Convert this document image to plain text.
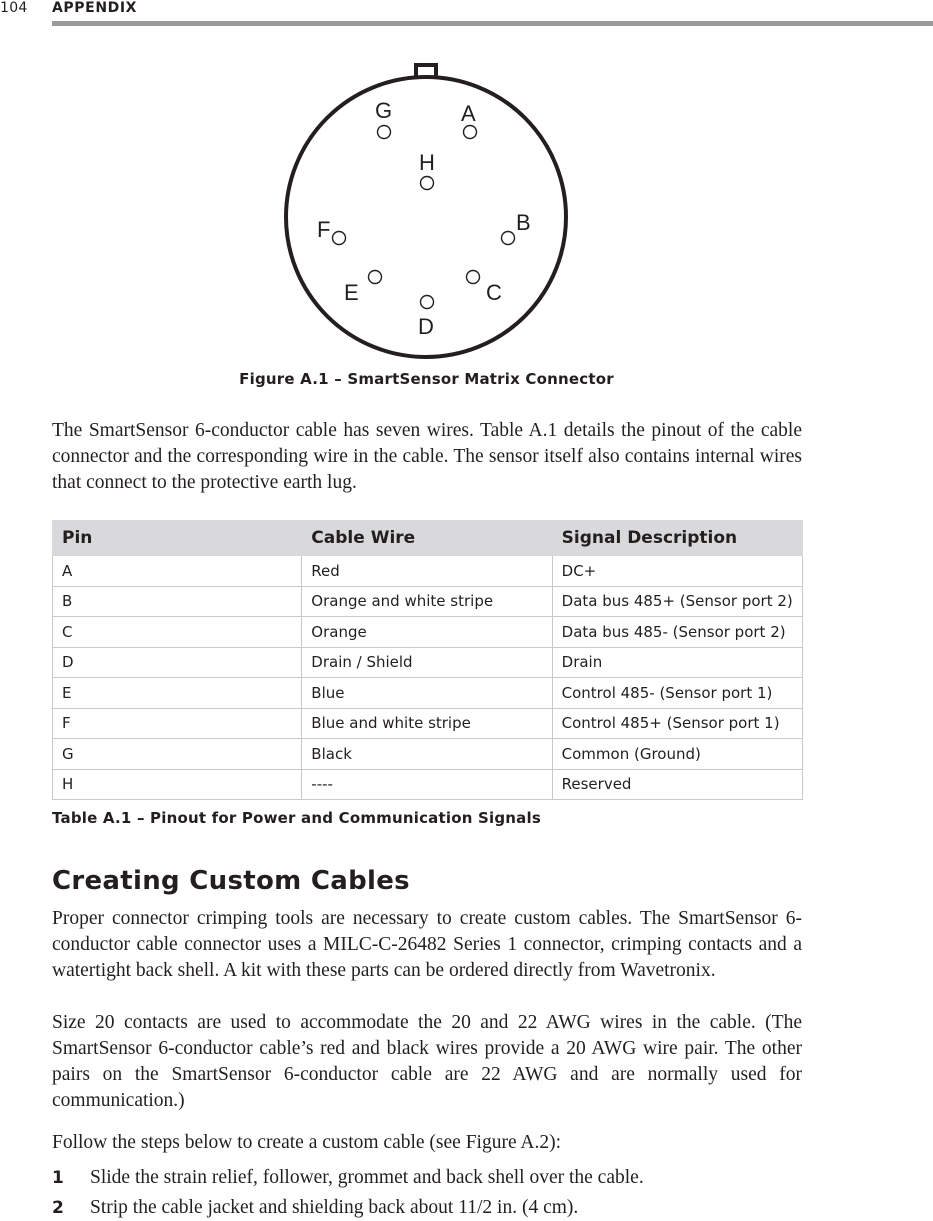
104 APPENDIX
G	A
H
F	B
E	C
D
Figure A.1 – SmartSensor Matrix Connector

The SmartSensor 6-conductor cable has seven wires. Table A.1 details the pinout of the cable connector and the corresponding wire in the cable. The sensor itself also contains internal wires that connect to the protective earth lug.

Pin	Cable Wire	Signal Description
A	Red	DC+
B	Orange and white stripe	Data bus 485+ (Sensor port 2)
C	Orange	Data bus 485- (Sensor port 2)
D	Drain / Shield	Drain
E	Blue	Control 485- (Sensor port 1)
F	Blue and white stripe	Control 485+ (Sensor port 1)
G	Black	Common (Ground)
H	----	Reserved
Table A.1 – Pinout for Power and Communication Signals
Creating Custom Cables

Proper connector crimping tools are necessary to create custom cables. The SmartSensor 6-conductor cable connector uses a MILC-C-26482 Series 1 connector, crimping contacts and a watertight back shell. A kit with these parts can be ordered directly from Wavetronix.

Size 20 contacts are used to accommodate the 20 and 22 AWG wires in the cable. (The SmartSensor 6-conductor cable’s red and black wires provide a 20 AWG wire pair. The other pairs on the SmartSensor 6-conductor cable are 22 AWG and are normally used for communication.)

Follow the steps below to create a custom cable (see Figure A.2):

1 Slide the strain relief, follower, grommet and back shell over the cable.
2 Strip the cable jacket and shielding back about 11/2 in. (4 cm).
